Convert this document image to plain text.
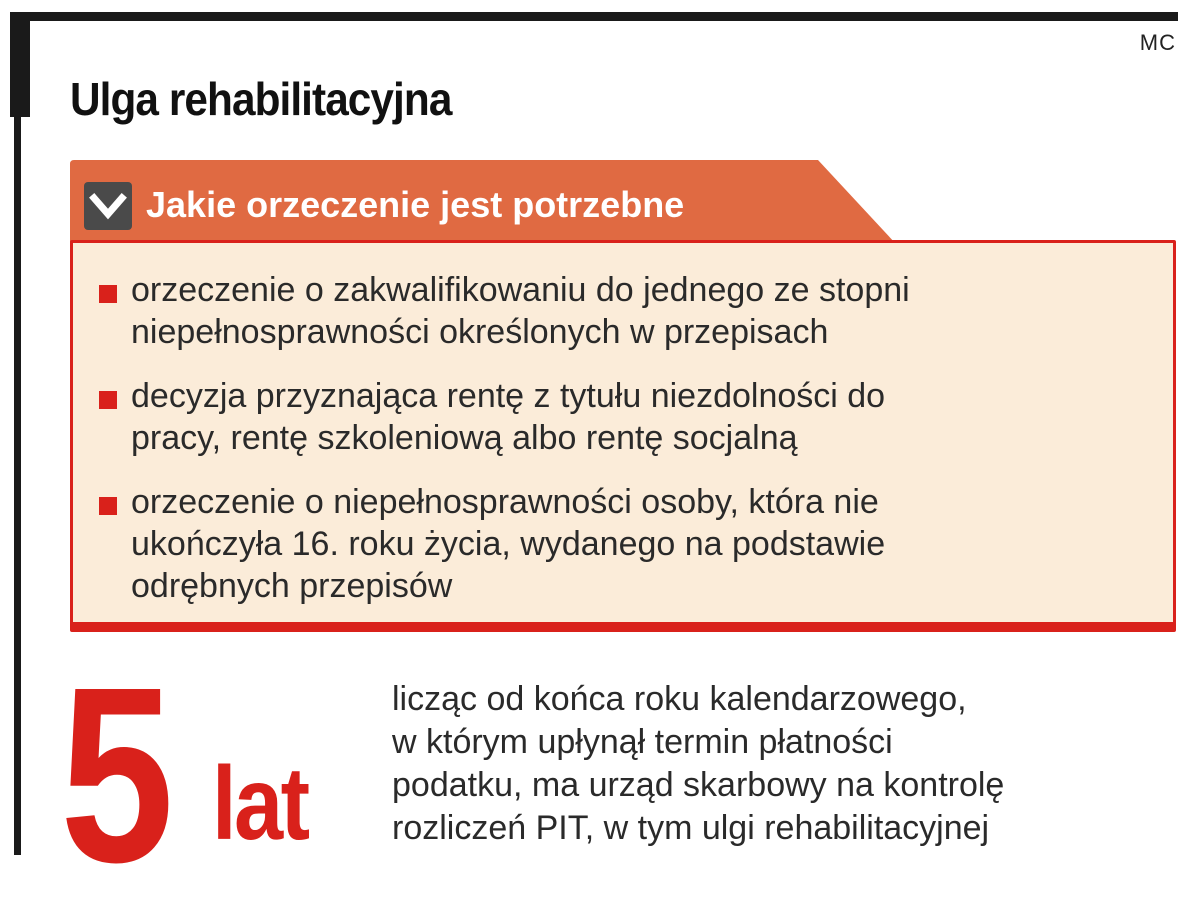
MC
Ulga rehabilitacyjna
Jakie orzeczenie jest potrzebne
orzeczenie o zakwalifikowaniu do jednego ze stopni
niepełnosprawności określonych w przepisach
decyzja przyznająca rentę z tytułu niezdolności do
pracy, rentę szkoleniową albo rentę socjalną
orzeczenie o niepełnosprawności osoby, która nie
ukończyła 16. roku życia, wydanego na podstawie
odrębnych przepisów
5 lat
licząc od końca roku kalendarzowego,
w którym upłynął termin płatności
podatku, ma urząd skarbowy na kontrolę
rozliczeń PIT, w tym ulgi rehabilitacyjnej
